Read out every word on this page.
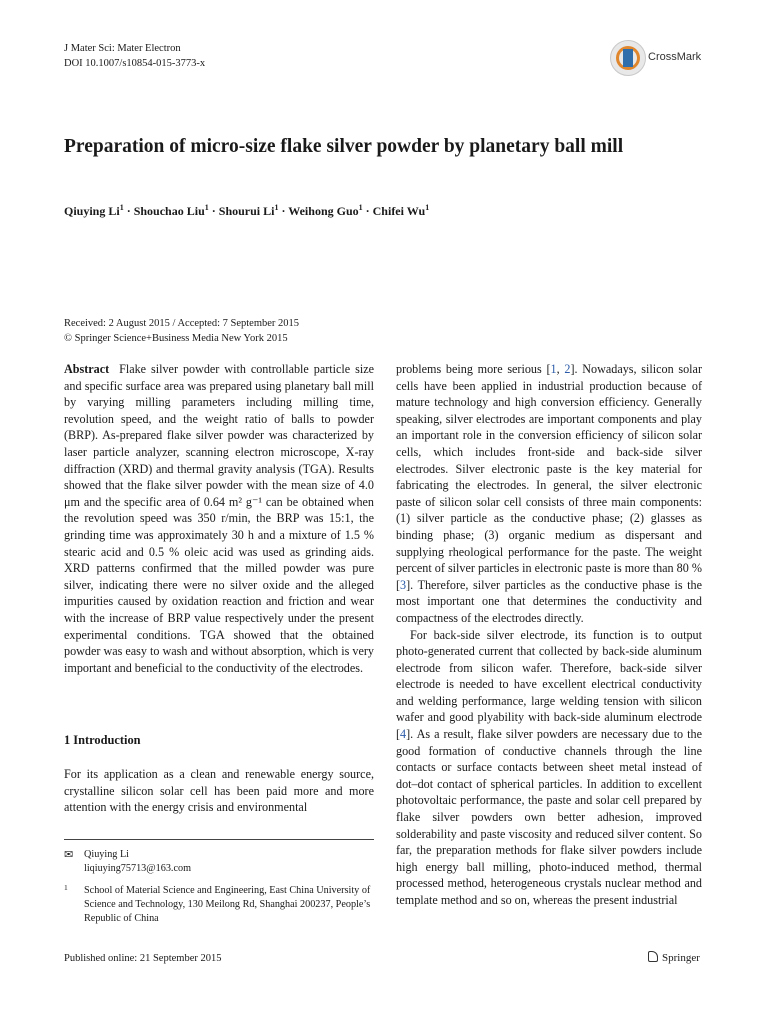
J Mater Sci: Mater Electron
DOI 10.1007/s10854-015-3773-x
CrossMark
Preparation of micro-size flake silver powder by planetary ball mill
Qiuying $Li^1$ · Shouchao Liu$^1$ · Shourui $Li^1$ · Weihong Guo$^1$ · Chifei Wu$^1$
Received: 2 August 2015 / Accepted: 7 September 2015
© Springer Science+Business Media New York 2015

Abstract Flake silver powder with controllable particle size and specific surface area was prepared using planetary ball mill by varying milling parameters including milling time, revolution speed, and the weight ratio of balls to powder (BRP). As-prepared flake silver powder was characterized by laser particle analyzer, scanning electron microscope, X-ray diffraction (XRD) and thermal gravity analysis (TGA). Results showed that the flake silver powder with the mean size of 4.0 μm and the specific area of 0.64 m² g⁻¹ can be obtained when the revolution speed was 350 r/min, the BRP was 15:1, the grinding time was approximately 30 h and a mixture of 1.5 % stearic acid and 0.5 % oleic acid was used as grinding aids. XRD patterns confirmed that the milled powder was pure silver, indicating there were no silver oxide and the alleged impurities caused by oxidation reaction and friction and wear with the increase of BRP value respectively under the present experimental conditions. TGA showed that the obtained powder was easy to wash and without absorption, which is very important and beneficial to the conductivity of the electrodes.

1 Introduction
For its application as a clean and renewable energy source, crystalline silicon solar cell has been paid more and more attention with the energy crisis and environmental
✉ Qiuying Li
liqiuying75713@163.com
1 School of Material Science and Engineering, East China University of Science and Technology, 130 Meilong Rd, Shanghai 200237, People’s Republic of China

problems being more serious [1, 2]. Nowadays, silicon solar cells have been applied in industrial production because of mature technology and high conversion efficiency. Generally speaking, silver electrodes are important components and play an important role in the conversion efficiency of silicon solar cells, which includes front-side and back-side silver electrodes. Silver electronic paste is the key material for fabricating the electrodes. In general, the silver electronic paste of silicon solar cell consists of three main components: (1) silver particle as the conductive phase; (2) glasses as binding phase; (3) organic medium as dispersant and supplying rheological performance for the paste. The weight percent of silver particles in electronic paste is more than 80 % [3]. Therefore, silver particles as the conductive phase is the most important one that determines the conductivity and compactness of the electrodes directly.

For back-side silver electrode, its function is to output photo-generated current that collected by back-side aluminum electrode from silicon wafer. Therefore, back-side silver electrode is needed to have excellent electrical conductivity and welding performance, large welding tension with silicon wafer and good plyability with back-side aluminum electrode [4]. As a result, flake silver powders are necessary due to the good formation of conductive channels through the line contacts or surface contacts between sheet metal instead of dot–dot contact of spherical particles. In addition to excellent photovoltaic performance, the paste and solar cell prepared by flake silver powders own better adhesion, improved solderability and paste viscosity and reduced silver content. So far, the preparation methods for flake silver powders include high energy ball milling, photo-induced method, thermal processed method, heterogeneous crystals nuclear method and template method and so on, whereas the present industrial

Published online: 21 September 2015	Springer
